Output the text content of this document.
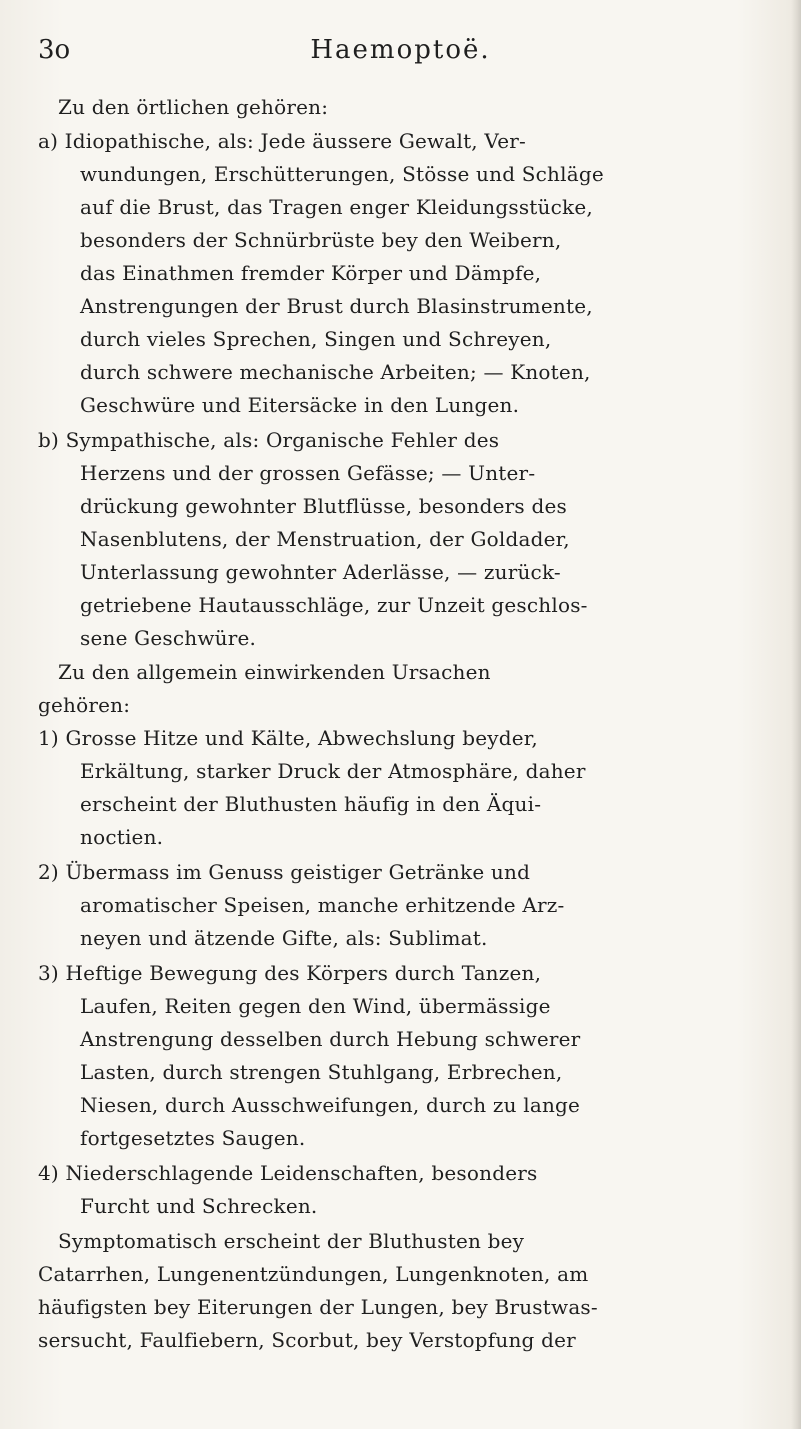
3o	Haemoptoë.
Zu den örtlichen gehören:
a) Idiopathische, als: Jede äussere Gewalt, Ver-
wundungen, Erschütterungen, Stösse und Schläge
auf die Brust, das Tragen enger Kleidungsstücke,
besonders der Schnürbrüste bey den Weibern,
das Einathmen fremder Körper und Dämpfe,
Anstrengungen der Brust durch Blasinstrumente,
durch vieles Sprechen, Singen und Schreyen,
durch schwere mechanische Arbeiten; — Knoten,
Geschwüre und Eitersäcke in den Lungen.
b) Sympathische, als: Organische Fehler des
Herzens und der grossen Gefässe; — Unter-
drückung gewohnter Blutflüsse, besonders des
Nasenblutens, der Menstruation, der Goldader,
Unterlassung gewohnter Aderlässe, — zurück-
getriebene Hautausschläge, zur Unzeit geschlos-
sene Geschwüre.
Zu den allgemein einwirkenden Ursachen
gehören:
1) Grosse Hitze und Kälte, Abwechslung beyder,
Erkältung, starker Druck der Atmosphäre, daher
erscheint der Bluthusten häufig in den Äqui-
noctien.
2) Übermass im Genuss geistiger Getränke und
aromatischer Speisen, manche erhitzende Arz-
neyen und ätzende Gifte, als: Sublimat.
3) Heftige Bewegung des Körpers durch Tanzen,
Laufen, Reiten gegen den Wind, übermässige
Anstrengung desselben durch Hebung schwerer
Lasten, durch strengen Stuhlgang, Erbrechen,
Niesen, durch Ausschweifungen, durch zu lange
fortgesetztes Saugen.
4) Niederschlagende Leidenschaften, besonders
Furcht und Schrecken.
Symptomatisch erscheint der Bluthusten bey
Catarrhen, Lungenentzündungen, Lungenknoten, am
häufigsten bey Eiterungen der Lungen, bey Brustwas-
sersucht, Faulfiebern, Scorbut, bey Verstopfung der
